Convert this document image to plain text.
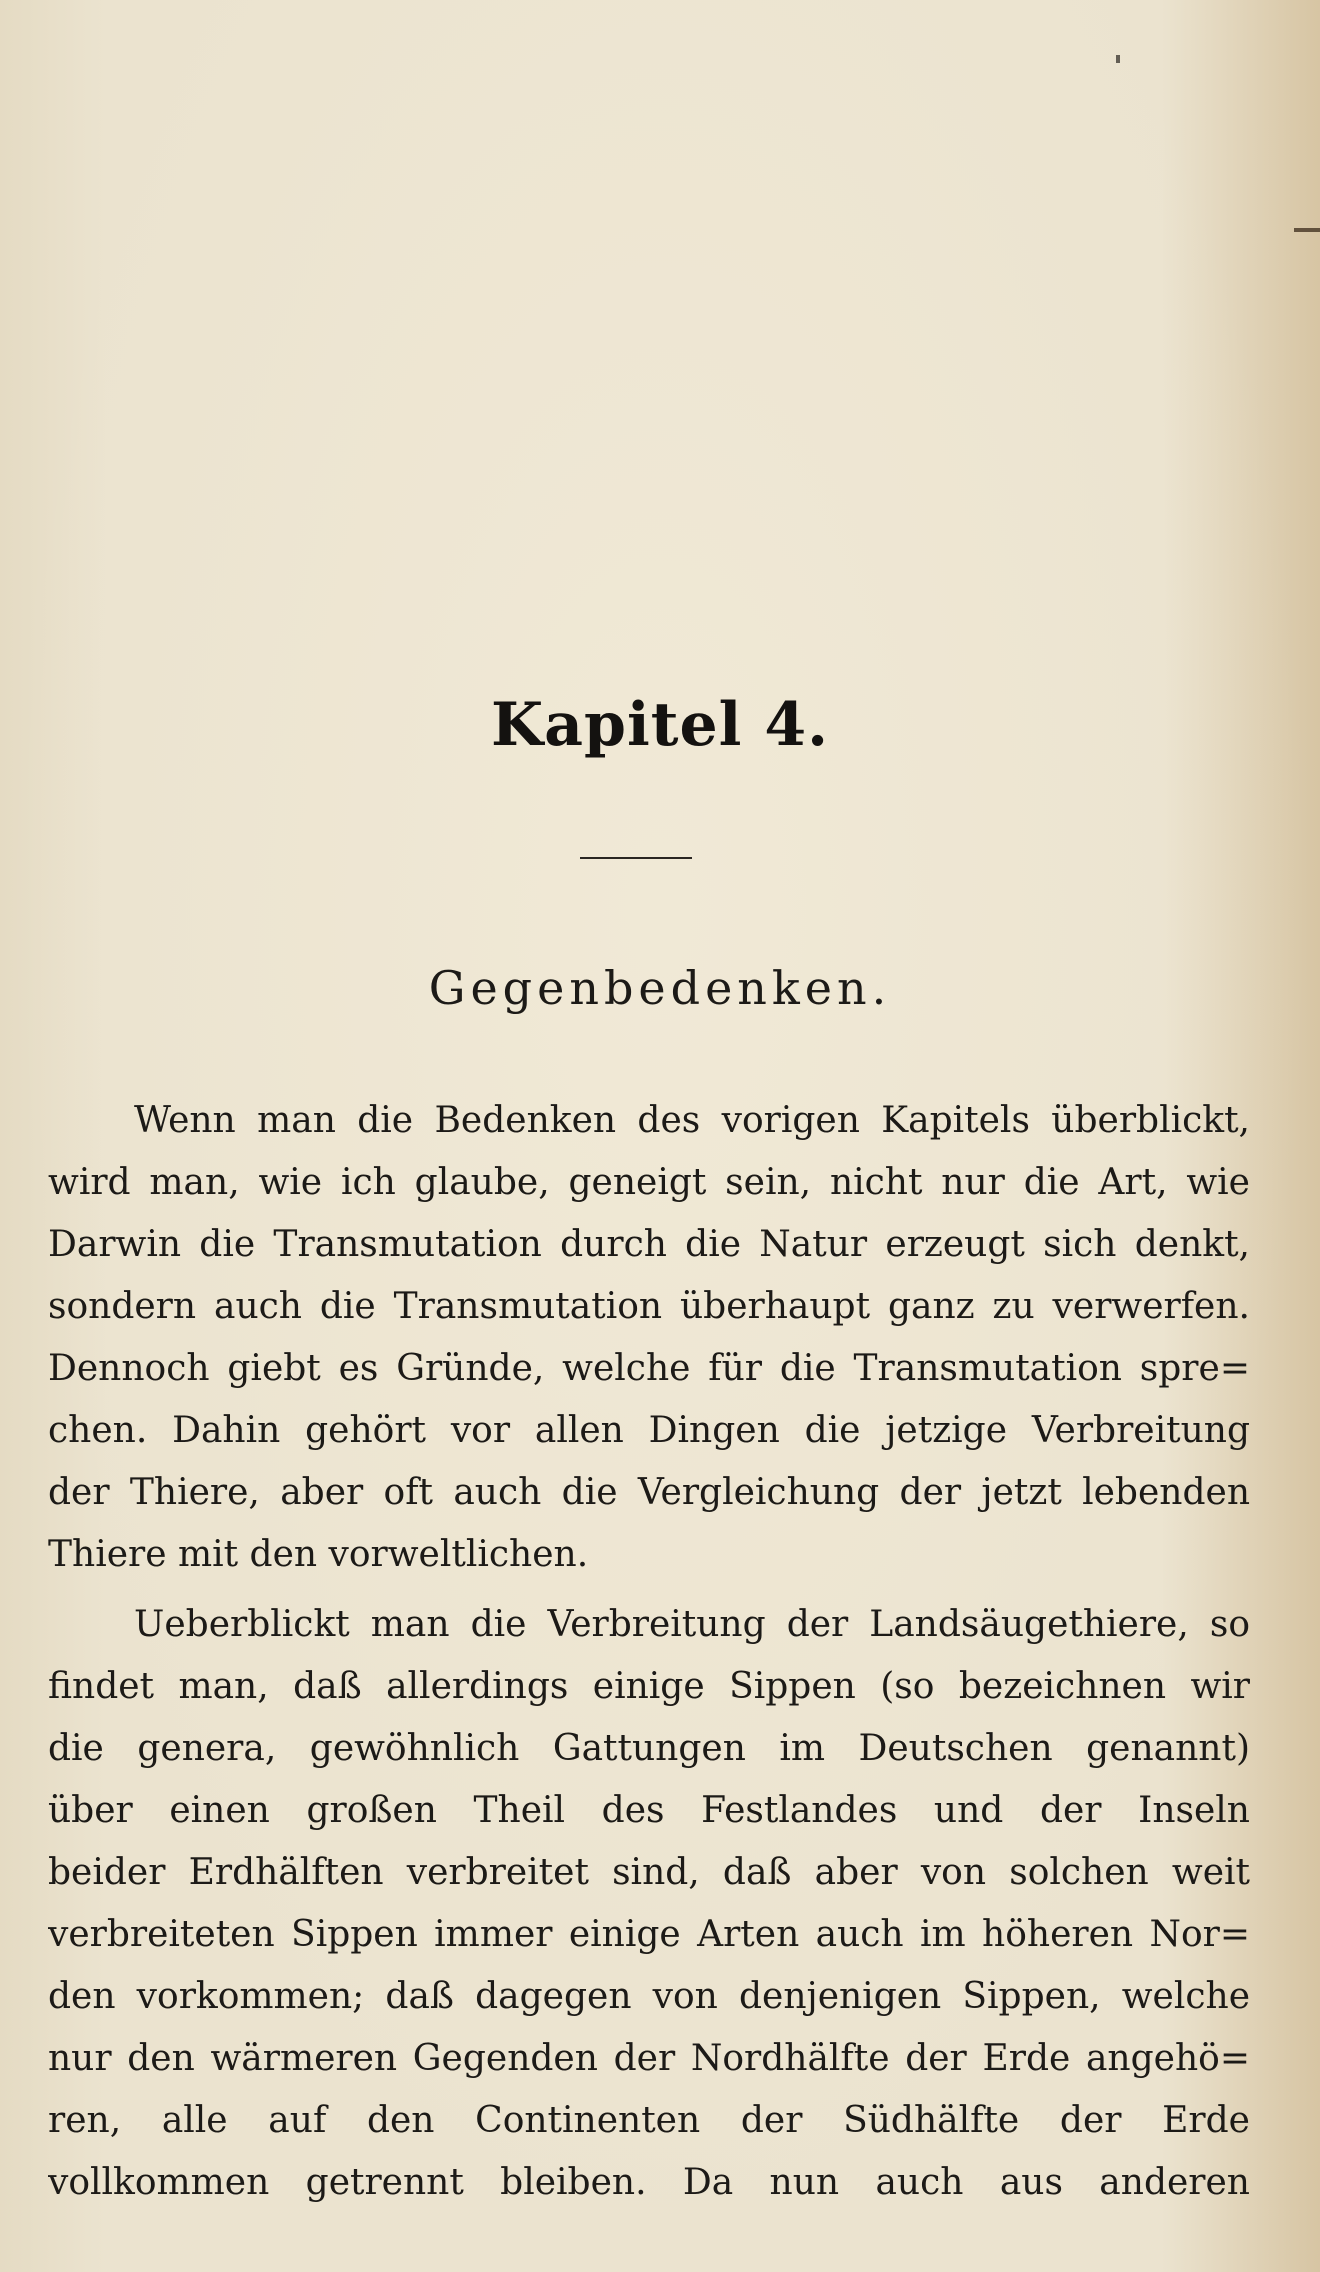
Kapitel 4.
Gegenbedenken.
Wenn man die Bedenken des vorigen Kapitels überblickt,
wird man, wie ich glaube, geneigt sein, nicht nur die Art, wie
Darwin die Transmutation durch die Natur erzeugt sich denkt,
sondern auch die Transmutation überhaupt ganz zu verwerfen.
Dennoch giebt es Gründe, welche für die Transmutation spre=
chen. Dahin gehört vor allen Dingen die jetzige Verbreitung
der Thiere, aber oft auch die Vergleichung der jetzt lebenden
Thiere mit den vorweltlichen.
Ueberblickt man die Verbreitung der Landsäugethiere, so
findet man, daß allerdings einige Sippen (so bezeichnen wir
die genera, gewöhnlich Gattungen im Deutschen genannt)
über einen großen Theil des Festlandes und der Inseln
beider Erdhälften verbreitet sind, daß aber von solchen weit
verbreiteten Sippen immer einige Arten auch im höheren Nor=
den vorkommen; daß dagegen von denjenigen Sippen, welche
nur den wärmeren Gegenden der Nordhälfte der Erde angehö=
ren, alle auf den Continenten der Südhälfte der Erde
vollkommen getrennt bleiben. Da nun auch aus anderen
